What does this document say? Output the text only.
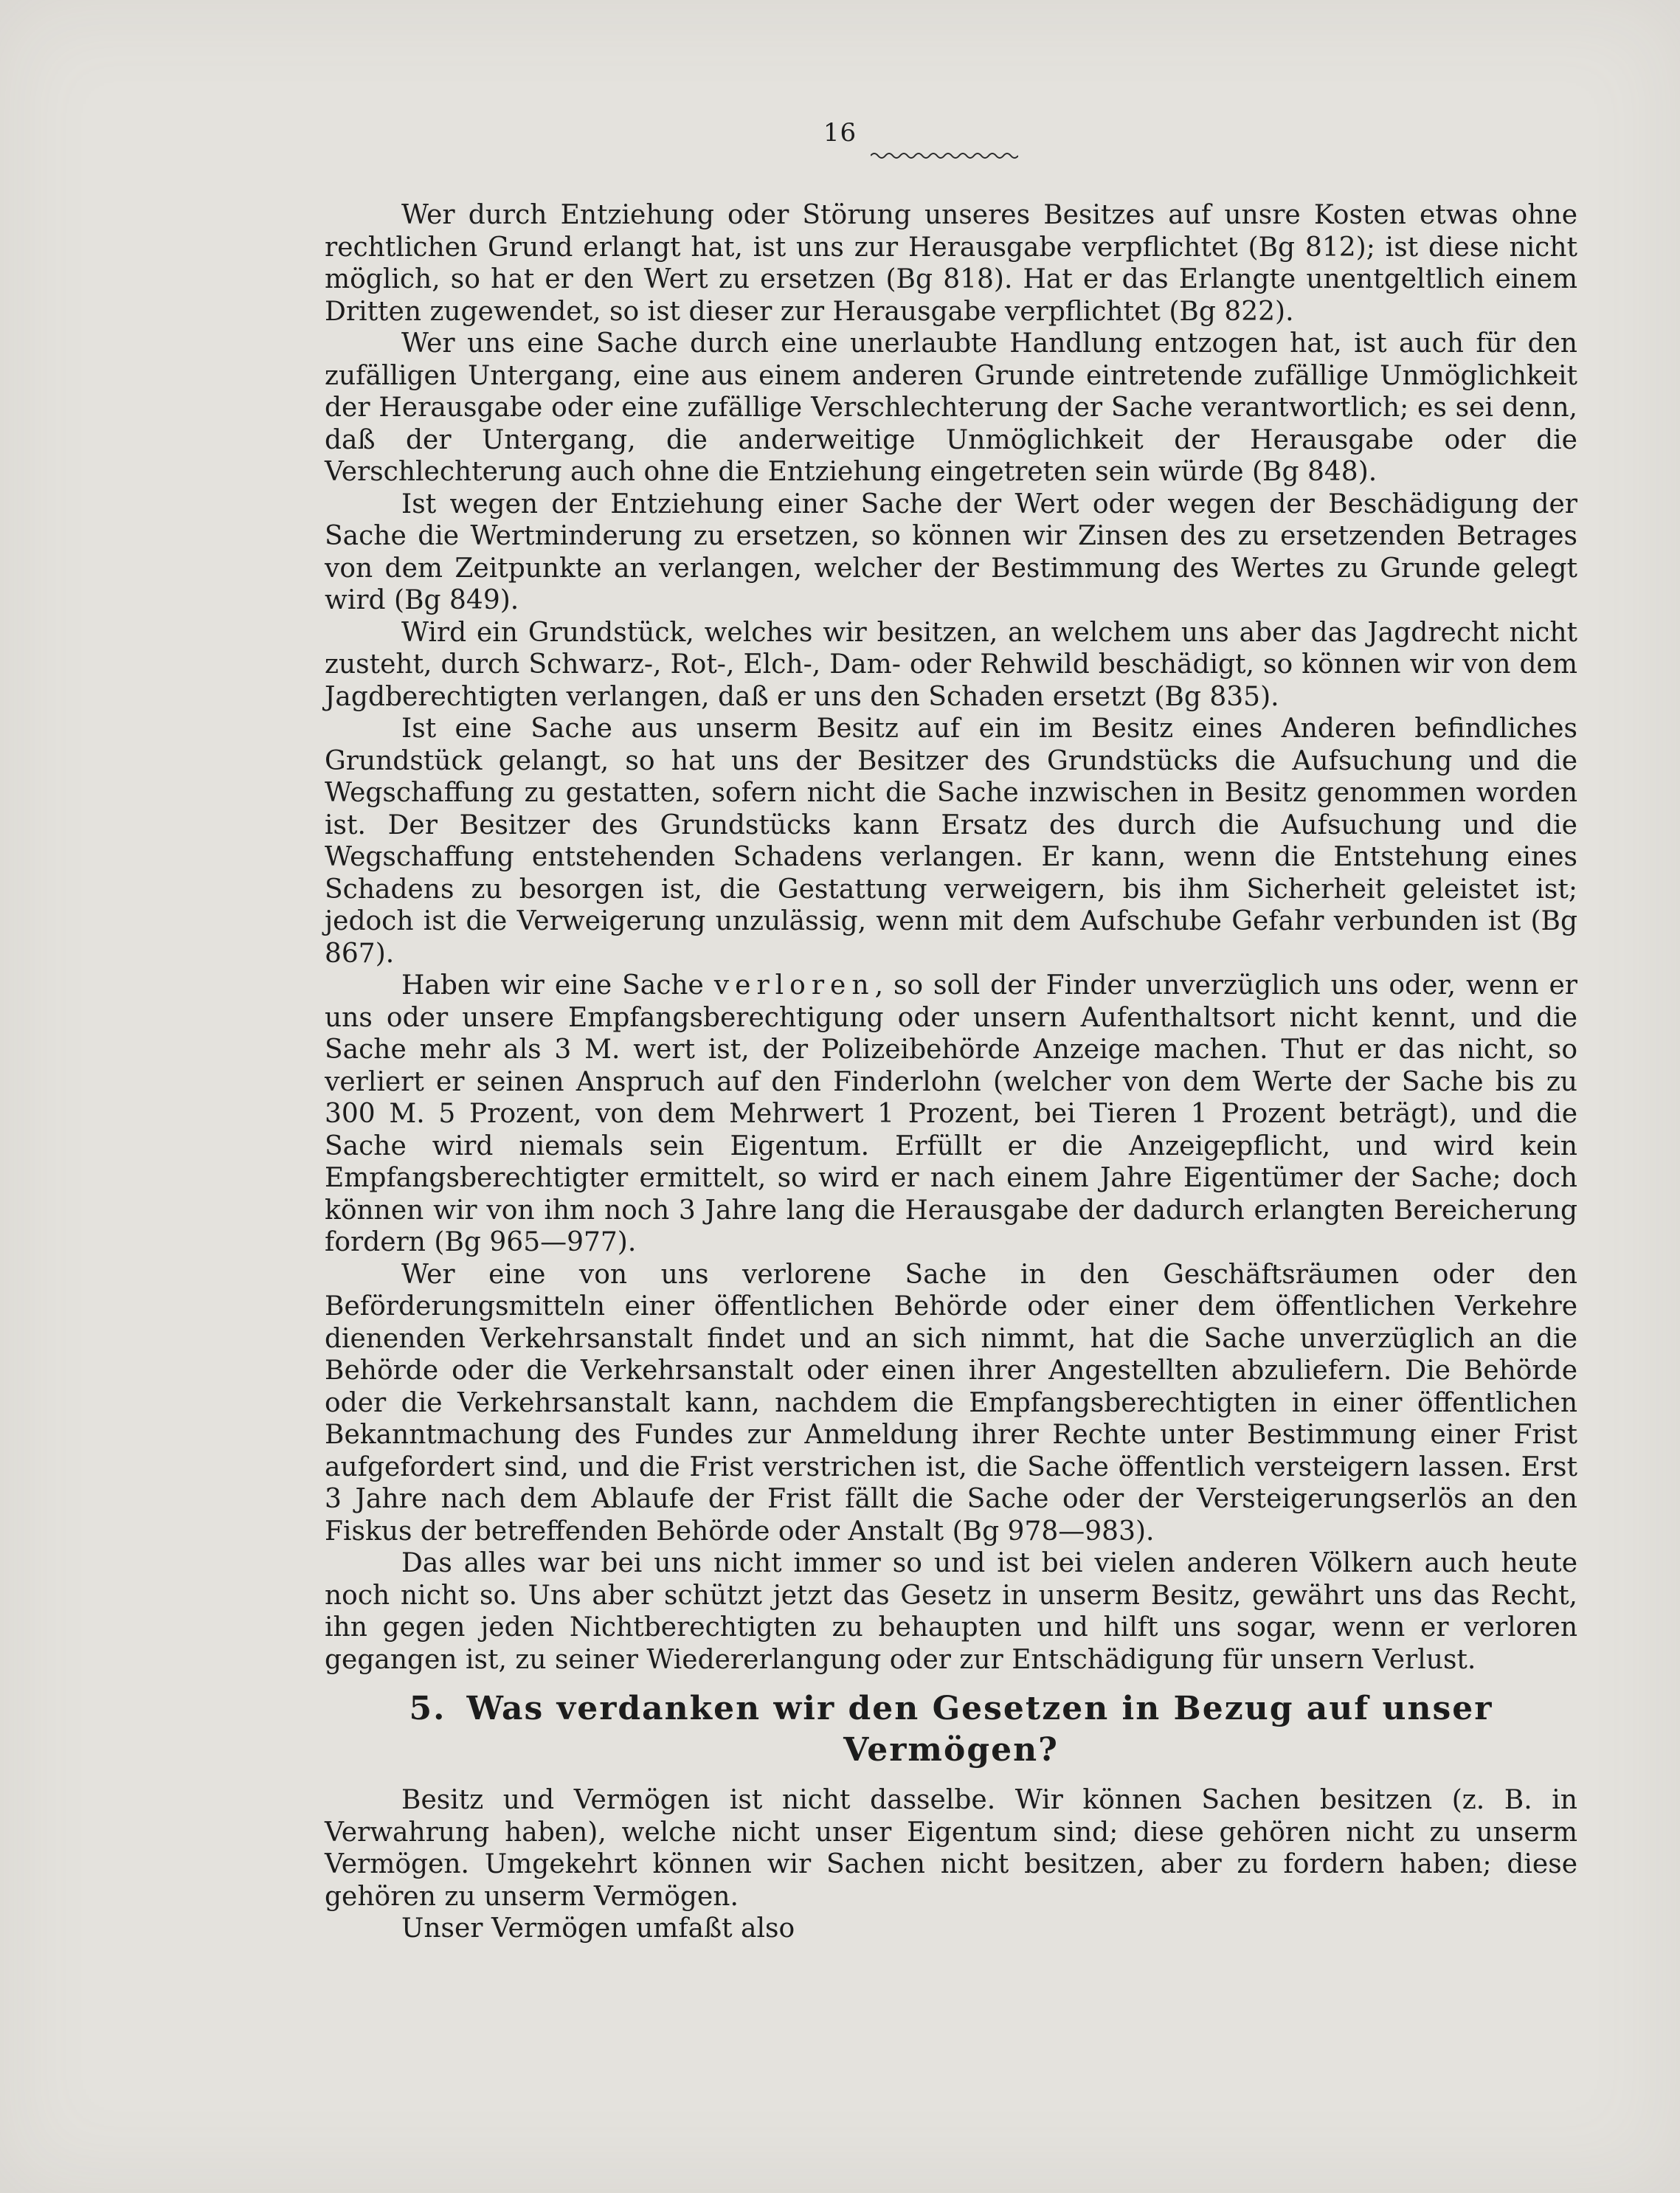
16

Wer durch Entziehung oder Störung unseres Besitzes auf unsre Kosten etwas ohne rechtlichen Grund erlangt hat, ist uns zur Herausgabe verpflichtet (Bg 812); ist diese nicht möglich, so hat er den Wert zu ersetzen (Bg 818). Hat er das Erlangte unentgeltlich einem Dritten zugewendet, so ist dieser zur Herausgabe verpflichtet (Bg 822).

Wer uns eine Sache durch eine unerlaubte Handlung entzogen hat, ist auch für den zufälligen Untergang, eine aus einem anderen Grunde eintretende zufällige Unmöglichkeit der Herausgabe oder eine zufällige Verschlechterung der Sache verantwortlich; es sei denn, daß der Untergang, die anderweitige Unmöglichkeit der Herausgabe oder die Verschlechterung auch ohne die Entziehung eingetreten sein würde (Bg 848).

Ist wegen der Entziehung einer Sache der Wert oder wegen der Beschädigung der Sache die Wertminderung zu ersetzen, so können wir Zinsen des zu ersetzenden Betrages von dem Zeitpunkte an verlangen, welcher der Bestimmung des Wertes zu Grunde gelegt wird (Bg 849).

Wird ein Grundstück, welches wir besitzen, an welchem uns aber das Jagdrecht nicht zusteht, durch Schwarz-, Rot-, Elch-, Dam- oder Rehwild beschädigt, so können wir von dem Jagdberechtigten verlangen, daß er uns den Schaden ersetzt (Bg 835).

Ist eine Sache aus unserm Besitz auf ein im Besitz eines Anderen befindliches Grundstück gelangt, so hat uns der Besitzer des Grundstücks die Aufsuchung und die Wegschaffung zu gestatten, sofern nicht die Sache inzwischen in Besitz genommen worden ist. Der Besitzer des Grundstücks kann Ersatz des durch die Aufsuchung und die Wegschaffung entstehenden Schadens verlangen. Er kann, wenn die Entstehung eines Schadens zu besorgen ist, die Gestattung verweigern, bis ihm Sicherheit geleistet ist; jedoch ist die Verweigerung unzulässig, wenn mit dem Aufschube Gefahr verbunden ist (Bg 867).

Haben wir eine Sache verloren, so soll der Finder unverzüglich uns oder, wenn er uns oder unsere Empfangsberechtigung oder unsern Aufenthaltsort nicht kennt, und die Sache mehr als 3 M. wert ist, der Polizeibehörde Anzeige machen. Thut er das nicht, so verliert er seinen Anspruch auf den Finderlohn (welcher von dem Werte der Sache bis zu 300 M. 5 Prozent, von dem Mehrwert 1 Prozent, bei Tieren 1 Prozent beträgt), und die Sache wird niemals sein Eigentum. Erfüllt er die Anzeigepflicht, und wird kein Empfangsberechtigter ermittelt, so wird er nach einem Jahre Eigentümer der Sache; doch können wir von ihm noch 3 Jahre lang die Herausgabe der dadurch erlangten Bereicherung fordern (Bg 965—977).

Wer eine von uns verlorene Sache in den Geschäftsräumen oder den Beförderungsmitteln einer öffentlichen Behörde oder einer dem öffentlichen Verkehre dienenden Verkehrsanstalt findet und an sich nimmt, hat die Sache unverzüglich an die Behörde oder die Verkehrsanstalt oder einen ihrer Angestellten abzuliefern. Die Behörde oder die Verkehrsanstalt kann, nachdem die Empfangsberechtigten in einer öffentlichen Bekanntmachung des Fundes zur Anmeldung ihrer Rechte unter Bestimmung einer Frist aufgefordert sind, und die Frist verstrichen ist, die Sache öffentlich versteigern lassen. Erst 3 Jahre nach dem Ablaufe der Frist fällt die Sache oder der Versteigerungserlös an den Fiskus der betreffenden Behörde oder Anstalt (Bg 978—983).

Das alles war bei uns nicht immer so und ist bei vielen anderen Völkern auch heute noch nicht so. Uns aber schützt jetzt das Gesetz in unserm Besitz, gewährt uns das Recht, ihn gegen jeden Nichtberechtigten zu behaupten und hilft uns sogar, wenn er verloren gegangen ist, zu seiner Wiedererlangung oder zur Entschädigung für unsern Verlust.

5. Was verdanken wir den Gesetzen in Bezug auf unser Vermögen?

Besitz und Vermögen ist nicht dasselbe. Wir können Sachen besitzen (z. B. in Verwahrung haben), welche nicht unser Eigentum sind; diese gehören nicht zu unserm Vermögen. Umgekehrt können wir Sachen nicht besitzen, aber zu fordern haben; diese gehören zu unserm Vermögen.

Unser Vermögen umfaßt also
